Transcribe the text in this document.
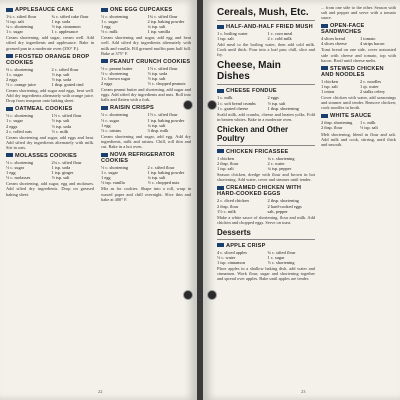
APPLESAUCE CAKE

1¼ c. sifted flour

½ tsp. salt

¼ c. shortening

1 c. sugar

¾ c. sifted cake flour

1 tsp. soda

½ tsp. cinnamon

1 c. applesauce

Cream shortening, add sugar, cream well. Add sifted dry ingredients and applesauce. Bake in greased pan in a moderate oven (350° F.).

FROSTED ORANGE DROP COOKIES

⅔ c. shortening

1 c. sugar

2 eggs

½ c. orange juice

2 c. sifted flour

½ tsp. salt

½ tsp. soda

1 tbsp. grated rind

Cream shortening, add sugar and eggs, beat well. Add dry ingredients alternately with orange juice. Drop from teaspoon onto baking sheet.

OATMEAL COOKIES

½ c. shortening

1 c. sugar

2 eggs

2 c. rolled oats

1½ c. sifted flour

½ tsp. salt

½ tsp. soda

½ c. milk

Cream shortening and sugar, add eggs and beat. Add sifted dry ingredients alternately with milk. Stir in oats.

MOLASSES COOKIES

½ c. shortening

½ c. sugar

1 egg

½ c. molasses

2¼ c. sifted flour

1 tsp. soda

1 tsp. ginger

½ tsp. salt

Cream shortening, add sugar, egg and molasses. Add sifted dry ingredients. Drop on greased baking sheet.

ONE EGG CUPCAKES

⅓ c. shortening

1 c. sugar

1 egg

½ c. milk

1¾ c. sifted flour

2 tsp. baking powder

¼ tsp. salt

1 tsp. vanilla

Cream shortening and sugar, add egg and beat well. Add sifted dry ingredients alternately with milk and vanilla. Fill greased muffin pans half full. Bake at 375° F.

PEANUT CRUNCH COOKIES

½ c. peanut butter

½ c. shortening

1 c. brown sugar

2 eggs

1½ c. sifted flour

½ tsp. soda

½ tsp. salt

½ c. chopped peanuts

Cream peanut butter and shortening, add sugar and eggs. Add sifted dry ingredients and nuts. Roll into balls and flatten with a fork.

RAISIN CRISPS

⅓ c. shortening

½ c. sugar

1 egg

½ c. raisins

1½ c. sifted flour

1 tsp. baking powder

¼ tsp. salt

3 tbsp. milk

Cream shortening and sugar, add egg. Add dry ingredients, milk and raisins. Chill, roll thin and cut. Bake in a hot oven.

NOVA REFRIGERATOR COOKIES

½ c. shortening

1 c. sugar

1 egg

½ tsp. vanilla

2 c. sifted flour

1 tsp. baking powder

¼ tsp. salt

½ c. chopped nuts

Mix as for cookies. Shape into a roll, wrap in waxed paper and chill overnight. Slice thin and bake at 400° F.

22
Cereals, Mush, Etc.
HALF-AND-HALF FRIED MUSH

1 c. boiling water

1 tsp. salt

1 c. corn meal

2 c. cold milk

Add meal to the boiling water, then add cold milk. Cook until thick. Pour into a loaf pan; chill, slice and fry.

Cheese, Main Dishes
CHEESE FONDUE

1 c. milk

1 c. soft bread crumbs

1 c. grated cheese

2 eggs

½ tsp. salt

1 tbsp. shortening

Scald milk, add crumbs, cheese and beaten yolks. Fold in beaten whites. Bake in a moderate oven.

Chicken and Other Poultry
CHICKEN FRICASSEE

1 chicken

2 tbsp. flour

1 tsp. salt

¼ c. shortening

2 c. water

¼ tsp. pepper

Season chicken, dredge with flour and brown in hot shortening. Add water, cover and simmer until tender.

CREAMED CHICKEN WITH HARD-COOKED EGGS

2 c. diced chicken

2 tbsp. flour

1½ c. milk

2 tbsp. shortening

2 hard-cooked eggs

salt, pepper

Make a white sauce of shortening, flour and milk. Add chicken and chopped eggs. Serve on toast.

Desserts
APPLE CRISP

4 c. sliced apples

½ c. water

1 tsp. cinnamon

¾ c. sifted flour

1 c. sugar

⅓ c. shortening

Place apples in a shallow baking dish, add water and cinnamon. Work flour, sugar and shortening together and spread over apples. Bake until apples are tender.

... from one side to the other. Season with salt and pepper and serve with a tomato sauce.

OPEN-FACE SANDWICHES

4 slices bread

4 slices cheese

1 tomato

4 strips bacon

Toast bread on one side, cover untoasted side with cheese and tomato, top with bacon. Broil until cheese melts.

STEWED CHICKEN AND NOODLES

1 chicken

1 tsp. salt

1 onion

2 c. noodles

1 qt. water

2 stalks celery

Cover chicken with water, add seasonings and simmer until tender. Remove chicken; cook noodles in broth.

WHITE SAUCE

2 tbsp. shortening

2 tbsp. flour

1 c. milk

½ tsp. salt

Melt shortening, blend in flour and salt. Add milk and cook, stirring, until thick and smooth.

23
